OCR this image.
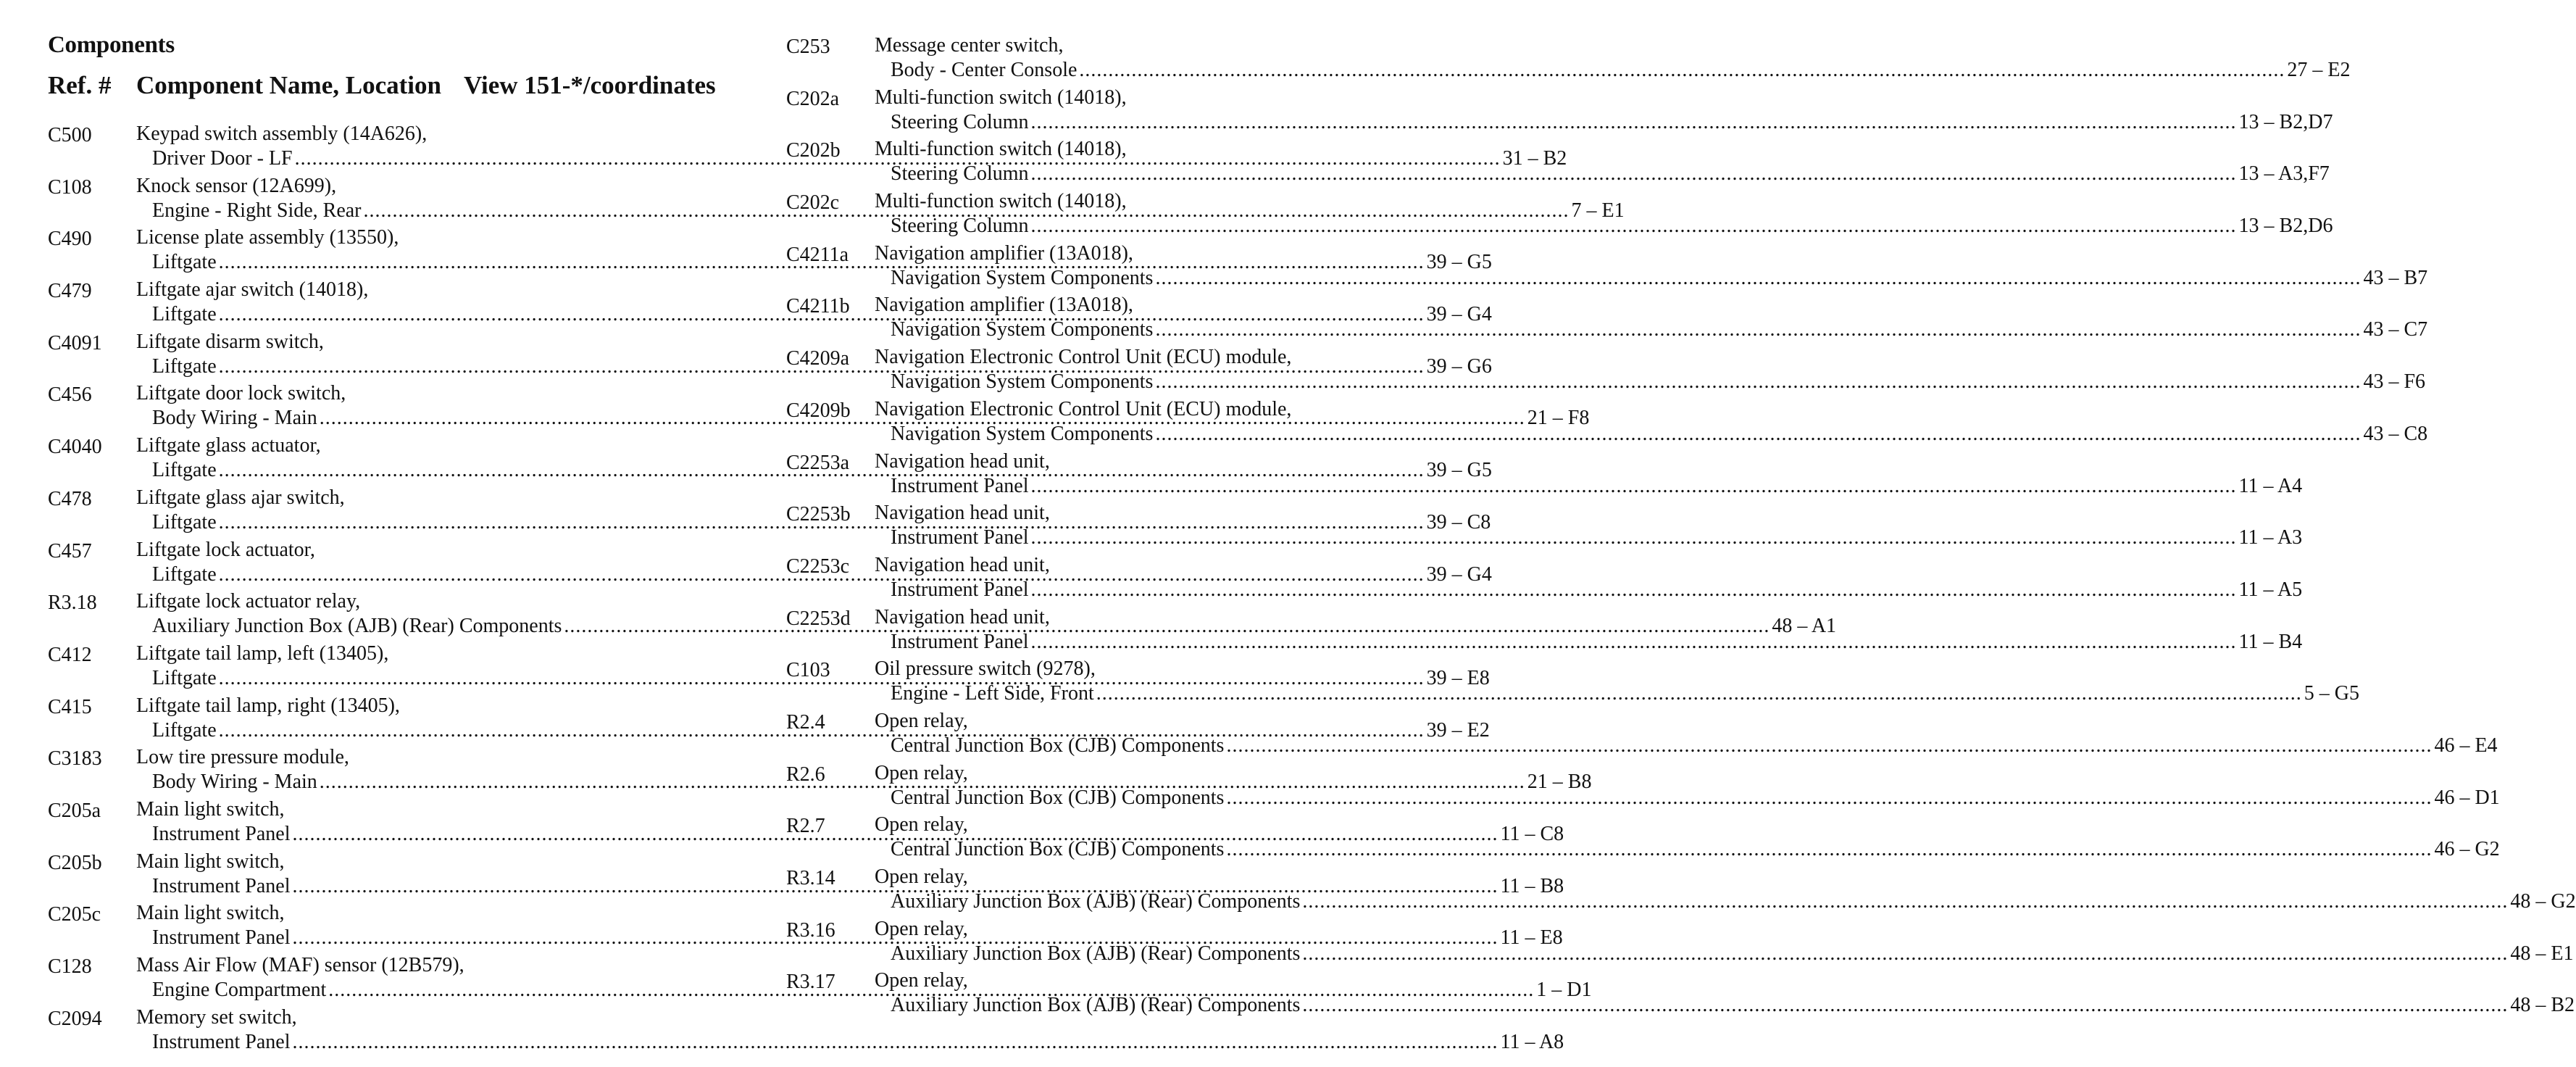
Components
Ref. # Component Name, Location View 151-*/coordinates
C500 Keypad switch assembly (14A626),
Driver Door - LF .....	31 – B2
C108 Knock sensor (12A699),
Engine - Right Side, Rear .....	7 – E1
C490 License plate assembly (13550),
Liftgate .....	39 – G5
C479 Liftgate ajar switch (14018),
Liftgate .....	39 – G4
C4091 Liftgate disarm switch,
Liftgate .....	39 – G6
C456 Liftgate door lock switch,
Body Wiring - Main .....	21 – F8
C4040 Liftgate glass actuator,
Liftgate .....	39 – G5
C478 Liftgate glass ajar switch,
Liftgate .....	39 – C8
C457 Liftgate lock actuator,
Liftgate .....	39 – G4
R3.18 Liftgate lock actuator relay,
Auxiliary Junction Box (AJB) (Rear) Components .....	48 – A1
C412 Liftgate tail lamp, left (13405),
Liftgate .....	39 – E8
C415 Liftgate tail lamp, right (13405),
Liftgate .....	39 – E2
C3183 Low tire pressure module,
Body Wiring - Main .....	21 – B8
C205a Main light switch,
Instrument Panel .....	11 – C8
C205b Main light switch,
Instrument Panel .....	11 – B8
C205c Main light switch,
Instrument Panel .....	11 – E8
C128 Mass Air Flow (MAF) sensor (12B579),
Engine Compartment .....	1 – D1
C2094 Memory set switch,
Instrument Panel .....	11 – A8
C253 Message center switch,
Body - Center Console .....	27 – E2
C202a Multi-function switch (14018),
Steering Column .....	13 – B2,D7
C202b Multi-function switch (14018),
Steering Column .....	13 – A3,F7
C202c Multi-function switch (14018),
Steering Column .....	13 – B2,D6
C4211a Navigation amplifier (13A018),
Navigation System Components .....	43 – B7
C4211b Navigation amplifier (13A018),
Navigation System Components .....	43 – C7
C4209a Navigation Electronic Control Unit (ECU) module,
Navigation System Components .....	43 – F6
C4209b Navigation Electronic Control Unit (ECU) module,
Navigation System Components .....	43 – C8
C2253a Navigation head unit,
Instrument Panel .....	11 – A4
C2253b Navigation head unit,
Instrument Panel .....	11 – A3
C2253c Navigation head unit,
Instrument Panel .....	11 – A5
C2253d Navigation head unit,
Instrument Panel .....	11 – B4
C103 Oil pressure switch (9278),
Engine - Left Side, Front .....	5 – G5
R2.4 Open relay,
Central Junction Box (CJB) Components .....	46 – E4
R2.6 Open relay,
Central Junction Box (CJB) Components .....	46 – D1
R2.7 Open relay,
Central Junction Box (CJB) Components .....	46 – G2
R3.14 Open relay,
Auxiliary Junction Box (AJB) (Rear) Components .....	48 – G2
R3.16 Open relay,
Auxiliary Junction Box (AJB) (Rear) Components .....	48 – E1
R3.17 Open relay,
Auxiliary Junction Box (AJB) (Rear) Components .....	48 – B2
